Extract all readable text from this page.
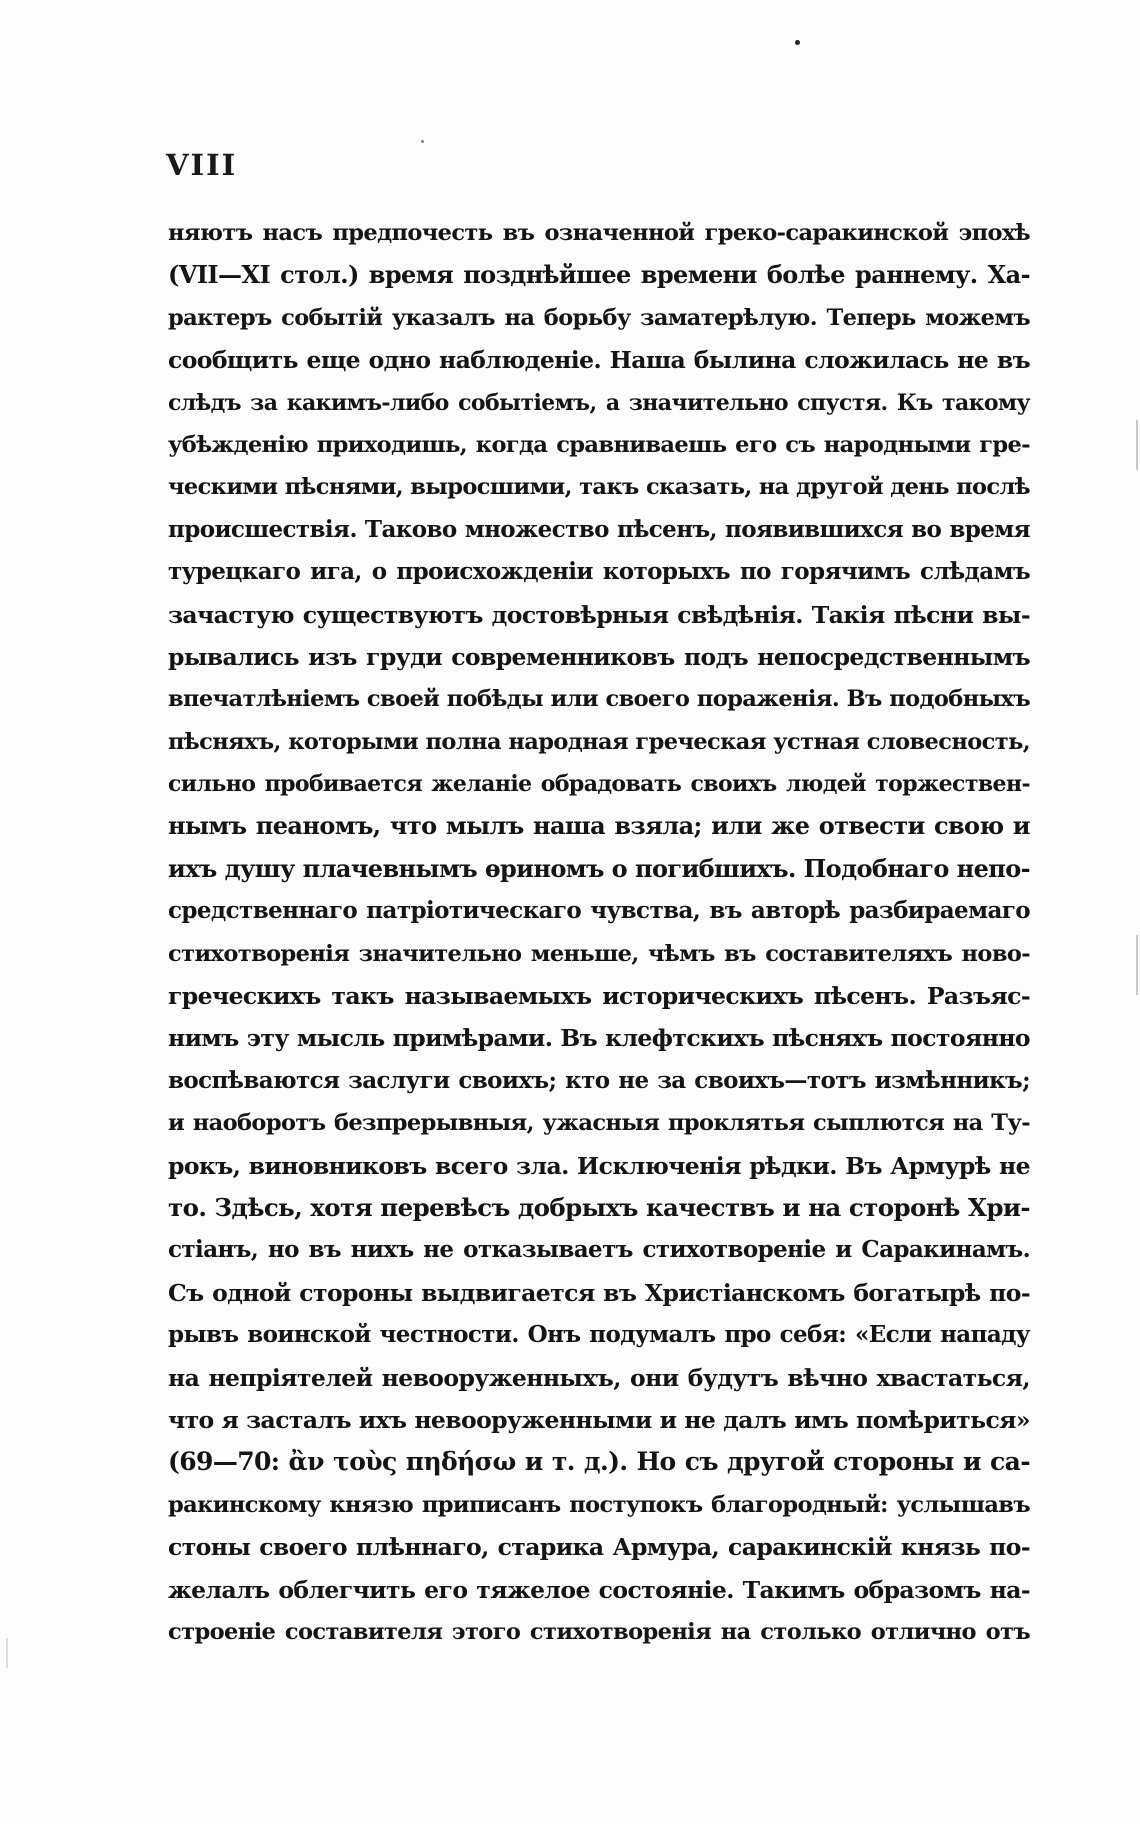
VIII
няютъ насъ предпочесть въ означенной греко-саракинской эпохѣ
(VII—XI стол.) время позднѣйшее времени болѣе раннему. Ха-
рактеръ событій указалъ на борьбу заматерѣлую. Теперь можемъ
сообщить еще одно наблюденіе. Наша былина сложилась не въ
слѣдъ за какимъ-либо событіемъ, а значительно спустя. Къ такому
убѣжденію приходишь, когда сравниваешь его съ народными гре-
ческими пѣснями, выросшими, такъ сказать, на другой день послѣ
происшествія. Таково множество пѣсенъ, появившихся во время
турецкаго ига, о происхожденіи которыхъ по горячимъ слѣдамъ
зачастую существуютъ достовѣрныя свѣдѣнія. Такія пѣсни вы-
рывались изъ груди современниковъ подъ непосредственнымъ
впечатлѣніемъ своей побѣды или своего пораженія. Въ подобныхъ
пѣсняхъ, которыми полна народная греческая устная словесность,
сильно пробивается желаніе обрадовать своихъ людей торжествен-
нымъ пеаномъ, что мылъ наша взяла; или же отвести свою и
ихъ душу плачевнымъ ѳриномъ о погибшихъ. Подобнаго непо-
средственнаго патріотическаго чувства, въ авторѣ разбираемаго
стихотворенія значительно меньше, чѣмъ въ составителяхъ ново-
греческихъ такъ называемыхъ историческихъ пѣсенъ. Разъяс-
нимъ эту мысль примѣрами. Въ клефтскихъ пѣсняхъ постоянно
воспѣваются заслуги своихъ; кто не за своихъ—тотъ измѣнникъ;
и наоборотъ безпрерывныя, ужасныя проклятья сыплются на Ту-
рокъ, виновниковъ всего зла. Исключенія рѣдки. Въ Армурѣ не
то. Здѣсь, хотя перевѣсъ добрыхъ качествъ и на сторонѣ Хри-
стіанъ, но въ нихъ не отказываетъ стихотвореніе и Саракинамъ.
Съ одной стороны выдвигается въ Христіанскомъ богатырѣ по-
рывъ воинской честности. Онъ подумалъ про себя: «Если нападу
на непріятелей невооруженныхъ, они будутъ вѣчно хвастаться,
что я засталъ ихъ невооруженными и не далъ имъ помѣриться»
(69—70: ἂν τοὺς πηδήσω и т. д.). Но съ другой стороны и са-
ракинскому князю приписанъ поступокъ благородный: услышавъ
стоны своего плѣннаго, старика Армура, саракинскій князь по-
желалъ облегчить его тяжелое состояніе. Такимъ образомъ на-
строеніе составителя этого стихотворенія на столько отлично отъ
